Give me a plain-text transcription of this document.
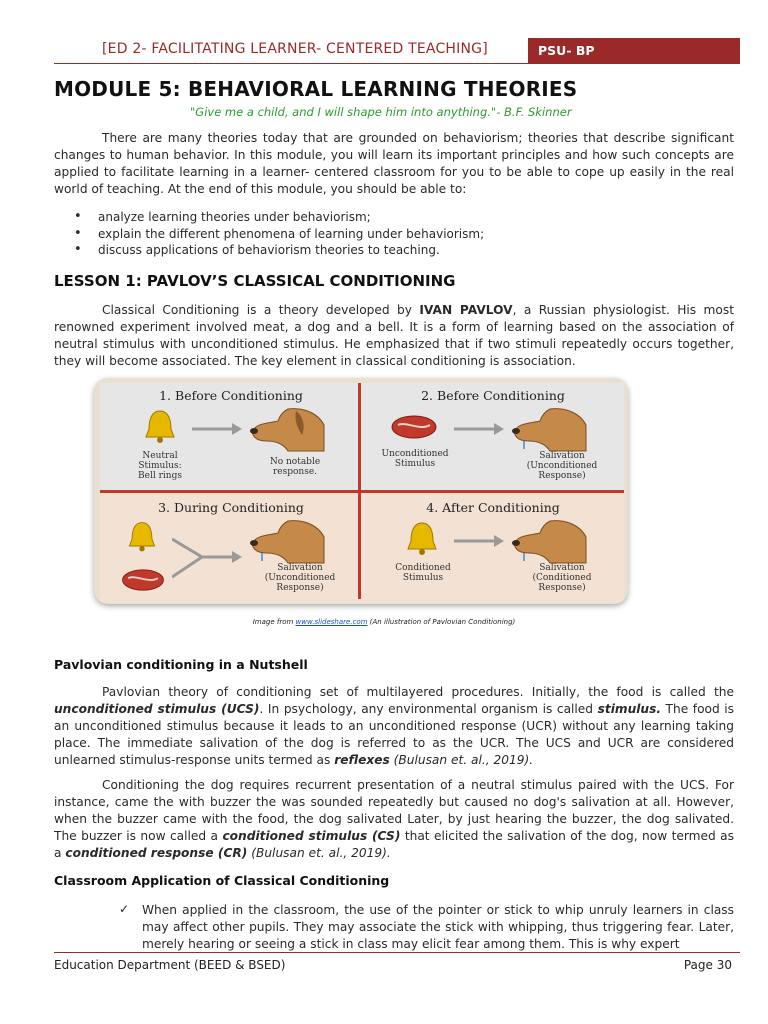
[ED 2- FACILITATING LEARNER- CENTERED TEACHING]	PSU- BP
MODULE 5: BEHAVIORAL LEARNING THEORIES
"Give me a child, and I will shape him into anything."- B.F. Skinner
There are many theories today that are grounded on behaviorism; theories that describe significant changes to human behavior. In this module, you will learn its important principles and how such concepts are applied to facilitate learning in a learner- centered classroom for you to be able to cope up easily in the real world of teaching. At the end of this module, you should be able to:
• analyze learning theories under behaviorism;
• explain the different phenomena of learning under behaviorism;
• discuss applications of behaviorism theories to teaching.
LESSON 1: PAVLOV’S CLASSICAL CONDITIONING
Classical Conditioning is a theory developed by IVAN PAVLOV, a Russian physiologist. His most renowned experiment involved meat, a dog and a bell. It is a form of learning based on the association of neutral stimulus with unconditioned stimulus. He emphasized that if two stimuli repeatedly occurs together, they will become associated. The key element in classical conditioning is association.
1. Before Conditioning
Neutral
Stimulus:
Bell rings
No notable
response.
2. Before Conditioning
Unconditioned
Stimulus
Salivation
(Unconditioned
Response)
3. During Conditioning
Salivation
(Unconditioned
Response)
4. After Conditioning
Conditioned
Stimulus
Salivation
(Conditioned
Response)
Image from www.slideshare.com (An illustration of Pavlovian Conditioning)
Pavlovian conditioning in a Nutshell
Pavlovian theory of conditioning set of multilayered procedures. Initially, the food is called the unconditioned stimulus (UCS). In psychology, any environmental organism is called stimulus. The food is an unconditioned stimulus because it leads to an unconditioned response (UCR) without any learning taking place. The immediate salivation of the dog is referred to as the UCR. The UCS and UCR are considered unlearned stimulus-response units termed as reflexes (Bulusan et. al., 2019).
Conditioning the dog requires recurrent presentation of a neutral stimulus paired with the UCS. For instance, came the with buzzer the was sounded repeatedly but caused no dog's salivation at all. However, when the buzzer came with the food, the dog salivated Later, by just hearing the buzzer, the dog salivated. The buzzer is now called a conditioned stimulus (CS) that elicited the salivation of the dog, now termed as a conditioned response (CR) (Bulusan et. al., 2019).
Classroom Application of Classical Conditioning
✓ When applied in the classroom, the use of the pointer or stick to whip unruly learners in class may affect other pupils. They may associate the stick with whipping, thus triggering fear. Later, merely hearing or seeing a stick in class may elicit fear among them. This is why expert
Education Department (BEED & BSED)	Page 30
